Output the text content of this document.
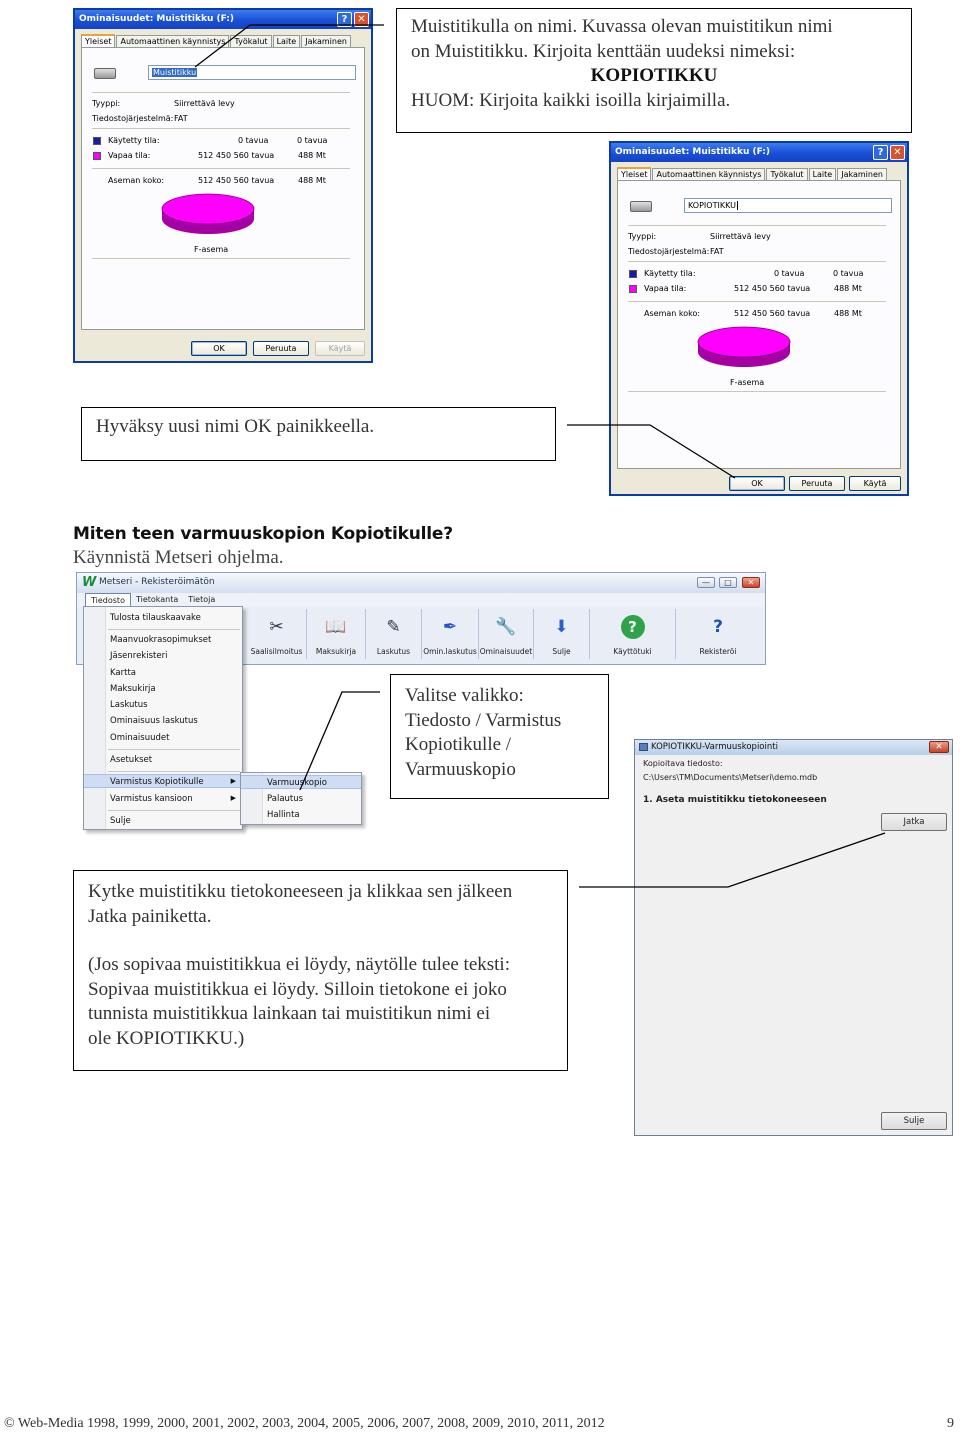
Muistitikulla on nimi. Kuvassa olevan muistitikun nimi
on Muistitikku. Kirjoita kenttään uudeksi nimeksi:
KOPIOTIKKU
HUOM: Kirjoita kaikki isoilla kirjaimilla.
Ominaisuudet: Muistitikku (F:)	? ✕
Yleiset	Automaattinen käynnistys	Työkalut	Laite	Jakaminen
Muistitikku
Tyyppi:	Siirrettävä levy
Tiedostojärjestelmä: FAT
Käytetty tila:	0 tavua	0 tavua
Vapaa tila:	512 450 560 tavua	488 Mt
Aseman koko:	512 450 560 tavua	488 Mt
F-asema
OK	Peruuta	Käytä
Ominaisuudet: Muistitikku (F:)	? ✕
Yleiset	Automaattinen käynnistys	Työkalut	Laite	Jakaminen
KOPIOTIKKU
Tyyppi:	Siirrettävä levy
Tiedostojärjestelmä: FAT
Käytetty tila:	0 tavua	0 tavua
Vapaa tila:	512 450 560 tavua	488 Mt
Aseman koko:	512 450 560 tavua	488 Mt
F-asema
OK	Peruuta	Käytä
Hyväksy uusi nimi OK painikkeella.
Miten teen varmuuskopion Kopiotikulle?
Käynnistä Metseri ohjelma.
W Metseri - Rekisteröimätön	—	□	✕
Tiedosto	Tietokanta	Tietoja
✂
Saalisilmoitus
📖
Maksukirja
✎
Laskutus
✒
Omin.laskutus
🔧
Ominaisuudet
⬇
Sulje
?
Käyttötuki
?
Rekisteröi
Tulosta tilauskaavake
Maanvuokrasopimukset
Jäsenrekisteri
Kartta
Maksukirja
Laskutus
Ominaisuus laskutus
Ominaisuudet
Asetukset
Varmistus Kopiotikulle	▶
Varmistus kansioon	▶
Sulje
Varmuuskopio
Palautus
Hallinta
Valitse valikko:
Tiedosto / Varmistus
Kopiotikulle /
Varmuuskopio
KOPIOTIKKU-Varmuuskopiointi	✕
Kopioitava tiedosto:
C:\Users\TM\Documents\Metseri\demo.mdb
1. Aseta muistitikku tietokoneeseen
Jatka
Sulje
Kytke muistitikku tietokoneeseen ja klikkaa sen jälkeen
Jatka painiketta.
(Jos sopivaa muistitikkua ei löydy, näytölle tulee teksti:
Sopivaa muistitikkua ei löydy. Silloin tietokone ei joko
tunnista muistitikkua lainkaan tai muistitikun nimi ei
ole KOPIOTIKKU.)
© Web-Media 1998, 1999, 2000, 2001, 2002, 2003, 2004, 2005, 2006, 2007, 2008, 2009, 2010, 2011, 2012	9
